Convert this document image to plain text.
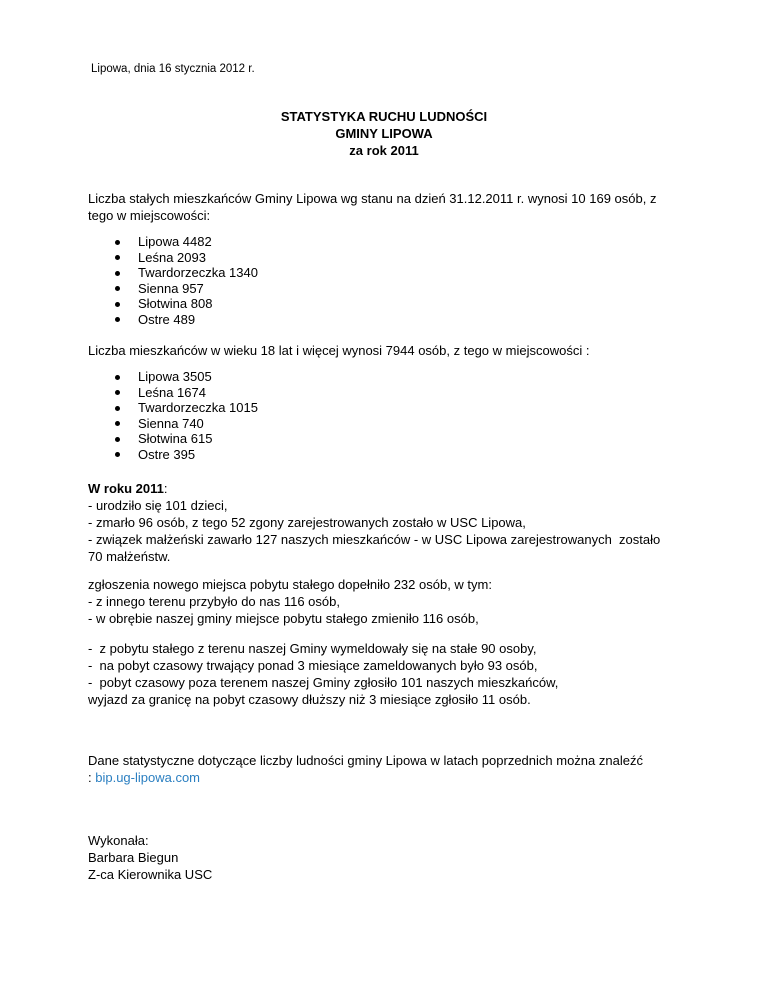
Lipowa, dnia 16 stycznia 2012 r.
STATYSTYKA RUCHU LUDNOŚCI
GMINY LIPOWA
za rok 2011
Liczba stałych mieszkańców Gminy Lipowa wg stanu na dzień 31.12.2011 r. wynosi 10 169 osób, z
tego w miejscowości:
Lipowa 4482
Leśna 2093
Twardorzeczka 1340
Sienna 957
Słotwina 808
Ostre 489
Liczba mieszkańców w wieku 18 lat i więcej wynosi 7944 osób, z tego w miejscowości :
Lipowa 3505
Leśna 1674
Twardorzeczka 1015
Sienna 740
Słotwina 615
Ostre 395
W roku 2011:
- urodziło się 101 dzieci,
- zmarło 96 osób, z tego 52 zgony zarejestrowanych zostało w USC Lipowa,
- związek małżeński zawarło 127 naszych mieszkańców - w USC Lipowa zarejestrowanych  zostało
70 małżeństw.
zgłoszenia nowego miejsca pobytu stałego dopełniło 232 osób, w tym:
- z innego terenu przybyło do nas 116 osób,
- w obrębie naszej gminy miejsce pobytu stałego zmieniło 116 osób,
-  z pobytu stałego z terenu naszej Gminy wymeldowały się na stałe 90 osoby,
-  na pobyt czasowy trwający ponad 3 miesiące zameldowanych było 93 osób,
-  pobyt czasowy poza terenem naszej Gminy zgłosiło 101 naszych mieszkańców,
wyjazd za granicę na pobyt czasowy dłuższy niż 3 miesiące zgłosiło 11 osób.
Dane statystyczne dotyczące liczby ludności gminy Lipowa w latach poprzednich można znaleźć
: bip.ug-lipowa.com
Wykonała:
Barbara Biegun
Z-ca Kierownika USC
